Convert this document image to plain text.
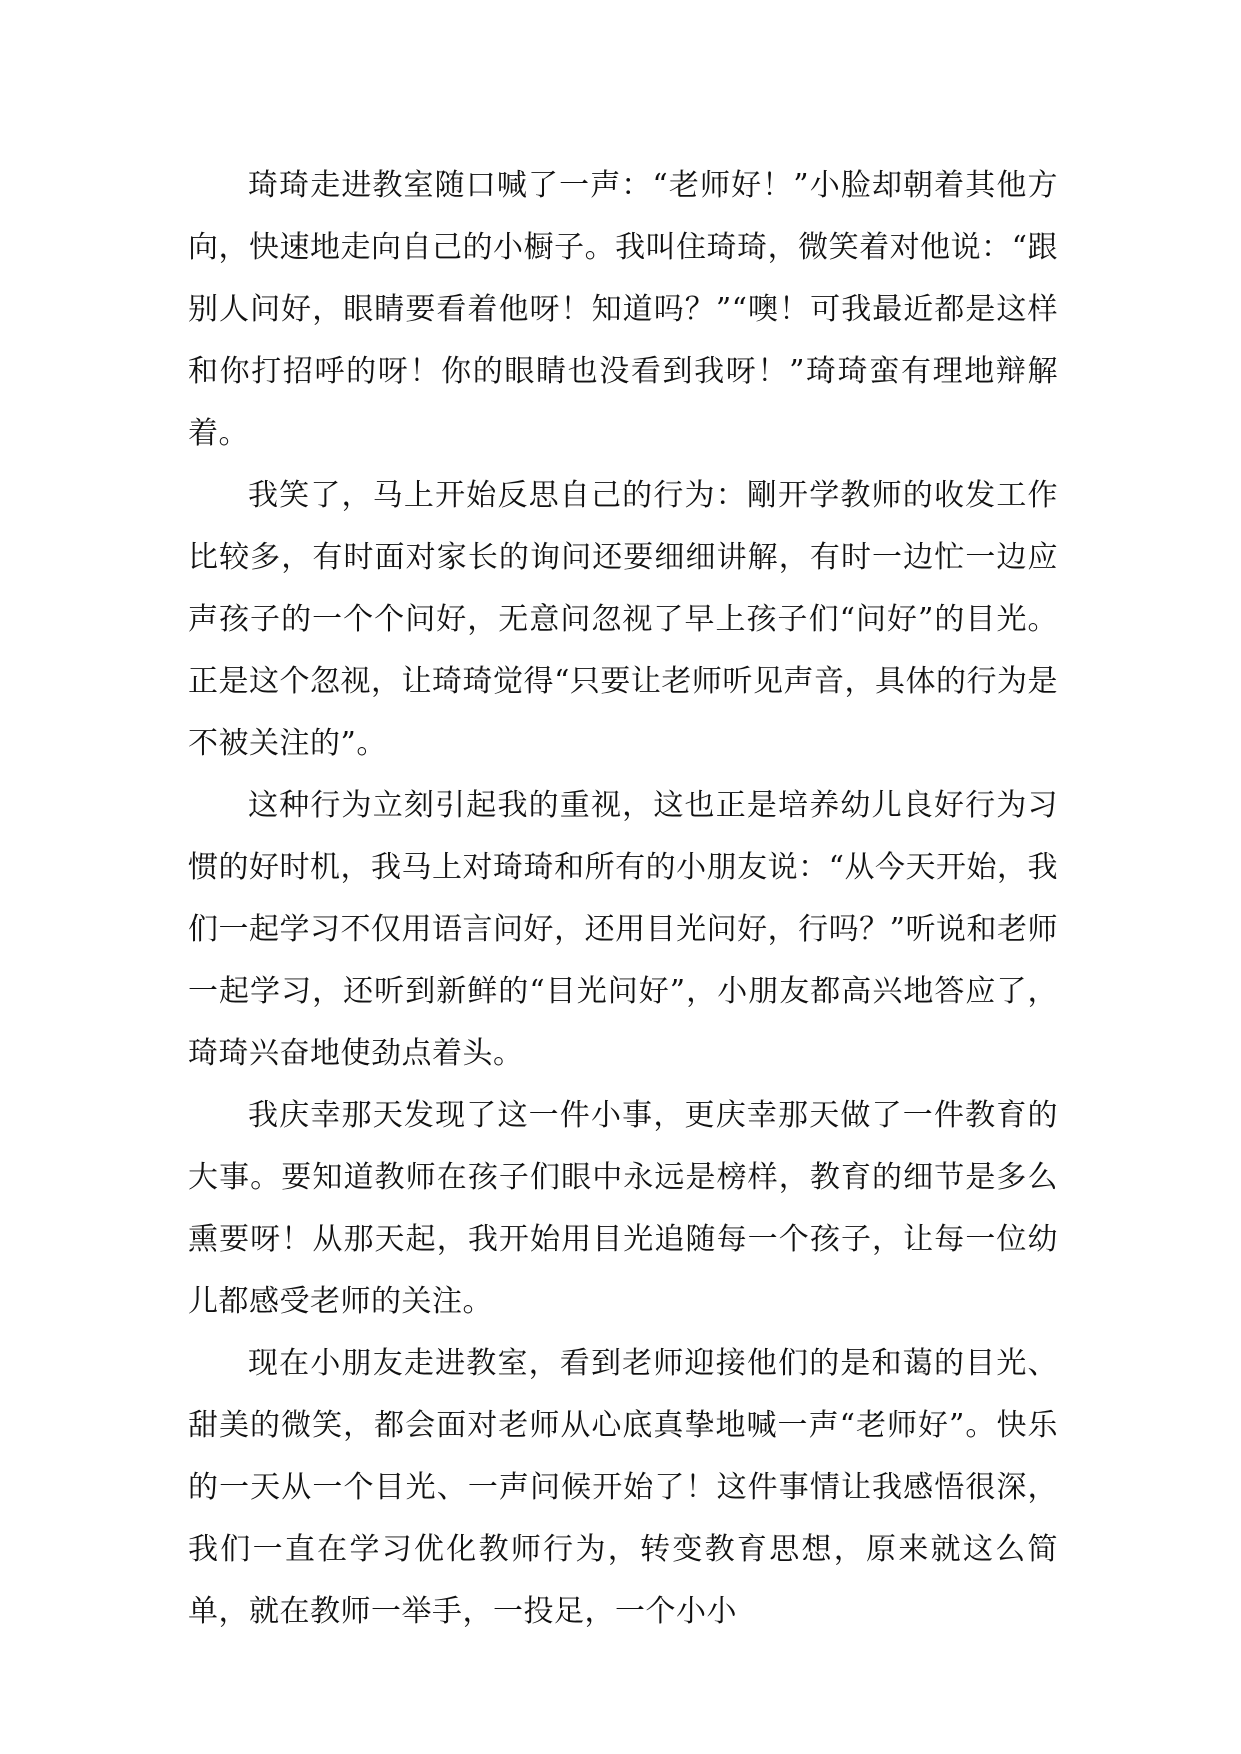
琦琦走进教室随口喊了一声：“老师好！”小脸却朝着其他方向，快速地走向自己的小橱子。我叫住琦琦，微笑着对他说：“跟别人问好，眼睛要看着他呀！知道吗？”“噢！可我最近都是这样和你打招呼的呀！你的眼睛也没看到我呀！”琦琦蛮有理地辩解着。

我笑了，马上开始反思自己的行为：剛开学教师的收发工作比较多，有时面对家长的询问还要细细讲解，有时一边忙一边应声孩子的一个个问好，无意问忽视了早上孩子们“问好”的目光。正是这个忽视，让琦琦觉得“只要让老师听见声音，具体的行为是不被关注的”。

这种行为立刻引起我的重视，这也正是培养幼儿良好行为习惯的好时机，我马上对琦琦和所有的小朋友说：“从今天开始，我们一起学习不仅用语言问好，还用目光问好，行吗？”听说和老师一起学习，还听到新鲜的“目光问好”，小朋友都高兴地答应了，琦琦兴奋地使劲点着头。

我庆幸那天发现了这一件小事，更庆幸那天做了一件教育的大事。要知道教师在孩子们眼中永远是榜样，教育的细节是多么熏要呀！从那天起，我开始用目光追随每一个孩子，让每一位幼儿都感受老师的关注。

现在小朋友走进教室，看到老师迎接他们的是和蔼的目光、甜美的微笑，都会面对老师从心底真挚地喊一声“老师好”。快乐的一天从一个目光、一声问候开始了！这件事情让我感悟很深，我们一直在学习优化教师行为，转变教育思想，原来就这么简单，就在教师一举手，一投足，一个小小
